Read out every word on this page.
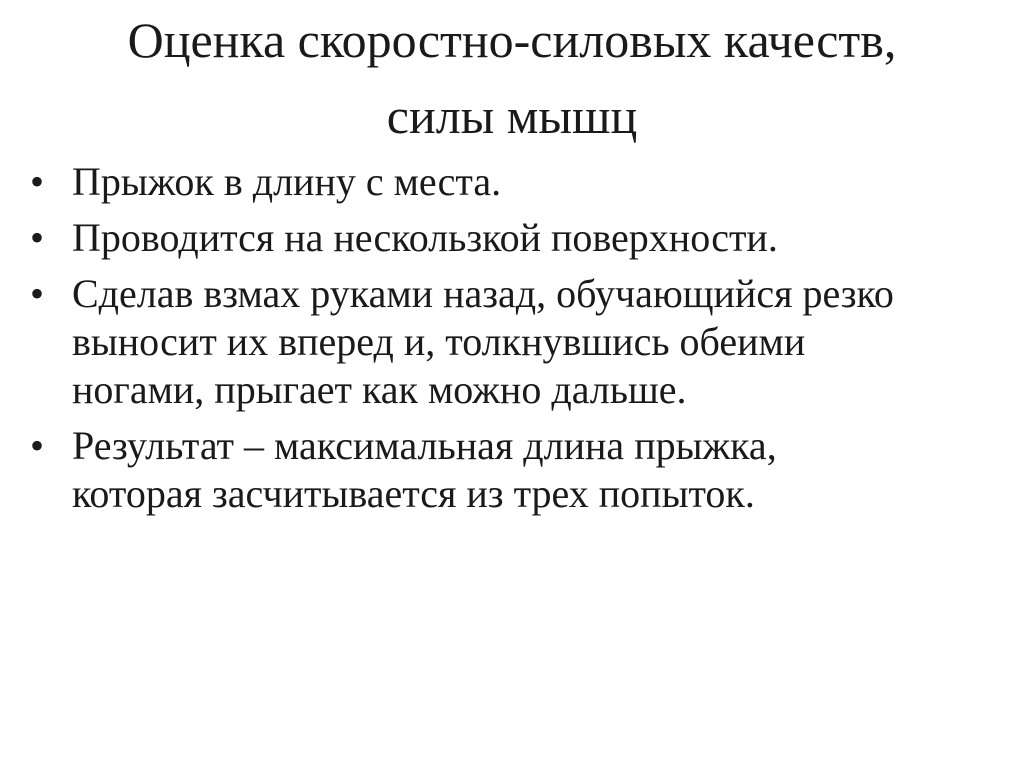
Оценка скоростно-силовых качеств,
силы мышц
• Прыжок в длину с места.
• Проводится на нескользкой поверхности.
• Сделав взмах руками назад, обучающийся резко
выносит их вперед и, толкнувшись обеими
ногами, прыгает как можно дальше.
• Результат – максимальная длина прыжка,
которая засчитывается из трех попыток.
